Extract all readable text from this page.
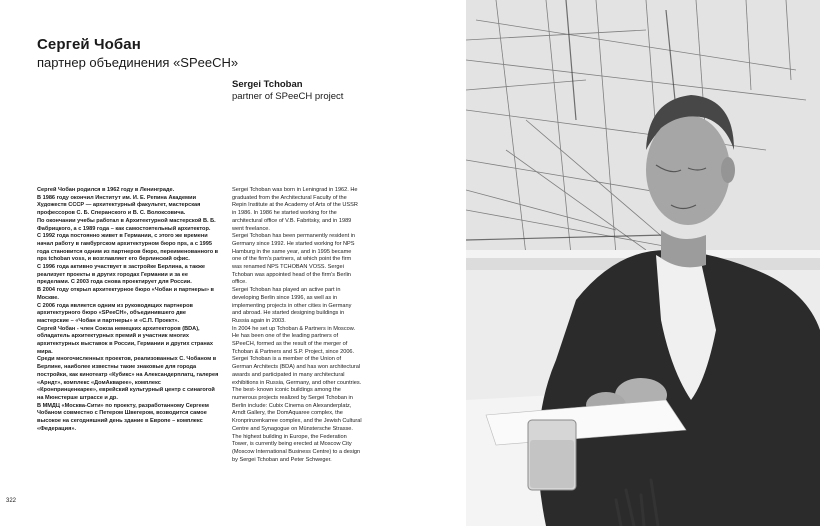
Сергей Чобан
партнер объединения «SPeeCH»
Sergei Tchoban
partner of SPeeCH project

Сергей Чобан родился в 1962 году в Ленинграде.

В 1986 году окончил Институт им. И. Е. Репина Академии Художеств СССР — архитектурный факультет, мастерская профессоров С. Б. Сперанского и В. С. Волоксовича.

По окончании учебы работал в Архитектурной мастерской В. Б. Фабрицкого, а с 1989 года – как самостоятельный архитектор.

С 1992 года постоянно живет в Германии, с этого же времени начал работу в гамбургском архитектурном бюро nps, а с 1995 года становится одним из партнеров бюро, переименованного в nps tchoban voss, и возглавляет его берлинский офис.

С 1996 года активно участвует в застройке Берлина, а также реализует проекты в других городах Германии и за ее пределами. С 2003 года снова проектирует для России.

В 2004 году открыл архитектурное бюро «Чобан и партнеры» в Москве.

С 2006 года является одним из руководящих партнеров архитектурного бюро «SPeeCH», объединившего две мастерские – «Чобан и партнеры» и «С.П. Проект».

Сергей Чобан - член Союза немецких архитекторов (BDA), обладатель архитектурных премий и участник многих архитектурных выставок в России, Германии и других странах мира.

Среди многочисленных проектов, реализованных С. Чобаном в Берлине, наиболее известны такие знаковые для города постройки, как кинотеатр «Кубикс» на Александерплатц, галерея «Арндт», комплекс «ДомАкварее», комплекс «Кронпринценкарее», еврейский культурный центр с синагогой на Мюнстерше штрассе и др.

В ММДЦ «Москва-Сити» по проекту, разработанному Сергеем Чобаном совместно с Петером Швегером, возводится самое высокое на сегодняшний день здание в Европе – комплекс «Федерация».

Sergei Tchoban was born in Leningrad in 1962. He graduated from the Architectural Faculty of the Repin Institute at the Academy of Arts of the USSR in 1986. In 1986 he started working for the architectural office of V.B. Fabritsky, and in 1989 went freelance.

Sergei Tchoban has been permanently resident in Germany since 1992. He started working for NPS Hamburg in the same year, and in 1995 became one of the firm's partners, at which point the firm was renamed NPS TCHOBAN VOSS. Sergei Tchoban was appointed head of the firm's Berlin office.

Sergei Tchoban has played an active part in developing Berlin since 1996, as well as in implementing projects in other cities in Germany and abroad. He started designing buildings in Russia again in 2003.

In 2004 he set up Tchoban & Partners in Moscow. He has been one of the leading partners of SPeeCH, formed as the result of the merger of Tchoban & Partners and S.P. Project, since 2006.

Sergei Tchoban is a member of the Union of German Architects (BDA) and has won architectural awards and participated in many architectural exhibitions in Russia, Germany, and other countries.

The best- known iconic buildings among the numerous projects realized by Sergei Tchoban in Berlin include: Cubix Cinema on Alexanderplatz, Arndt Gallery, the DomAquaree complex, the Kronprinzenkarree complex, and the Jewish Cultural Centre and Synagogue on Münstersche Strasse.

The highest building in Europe, the Federation Tower, is currently being erected at Moscow City (Moscow International Business Centre) to a design by Sergei Tchoban and Peter Schweger.

322
